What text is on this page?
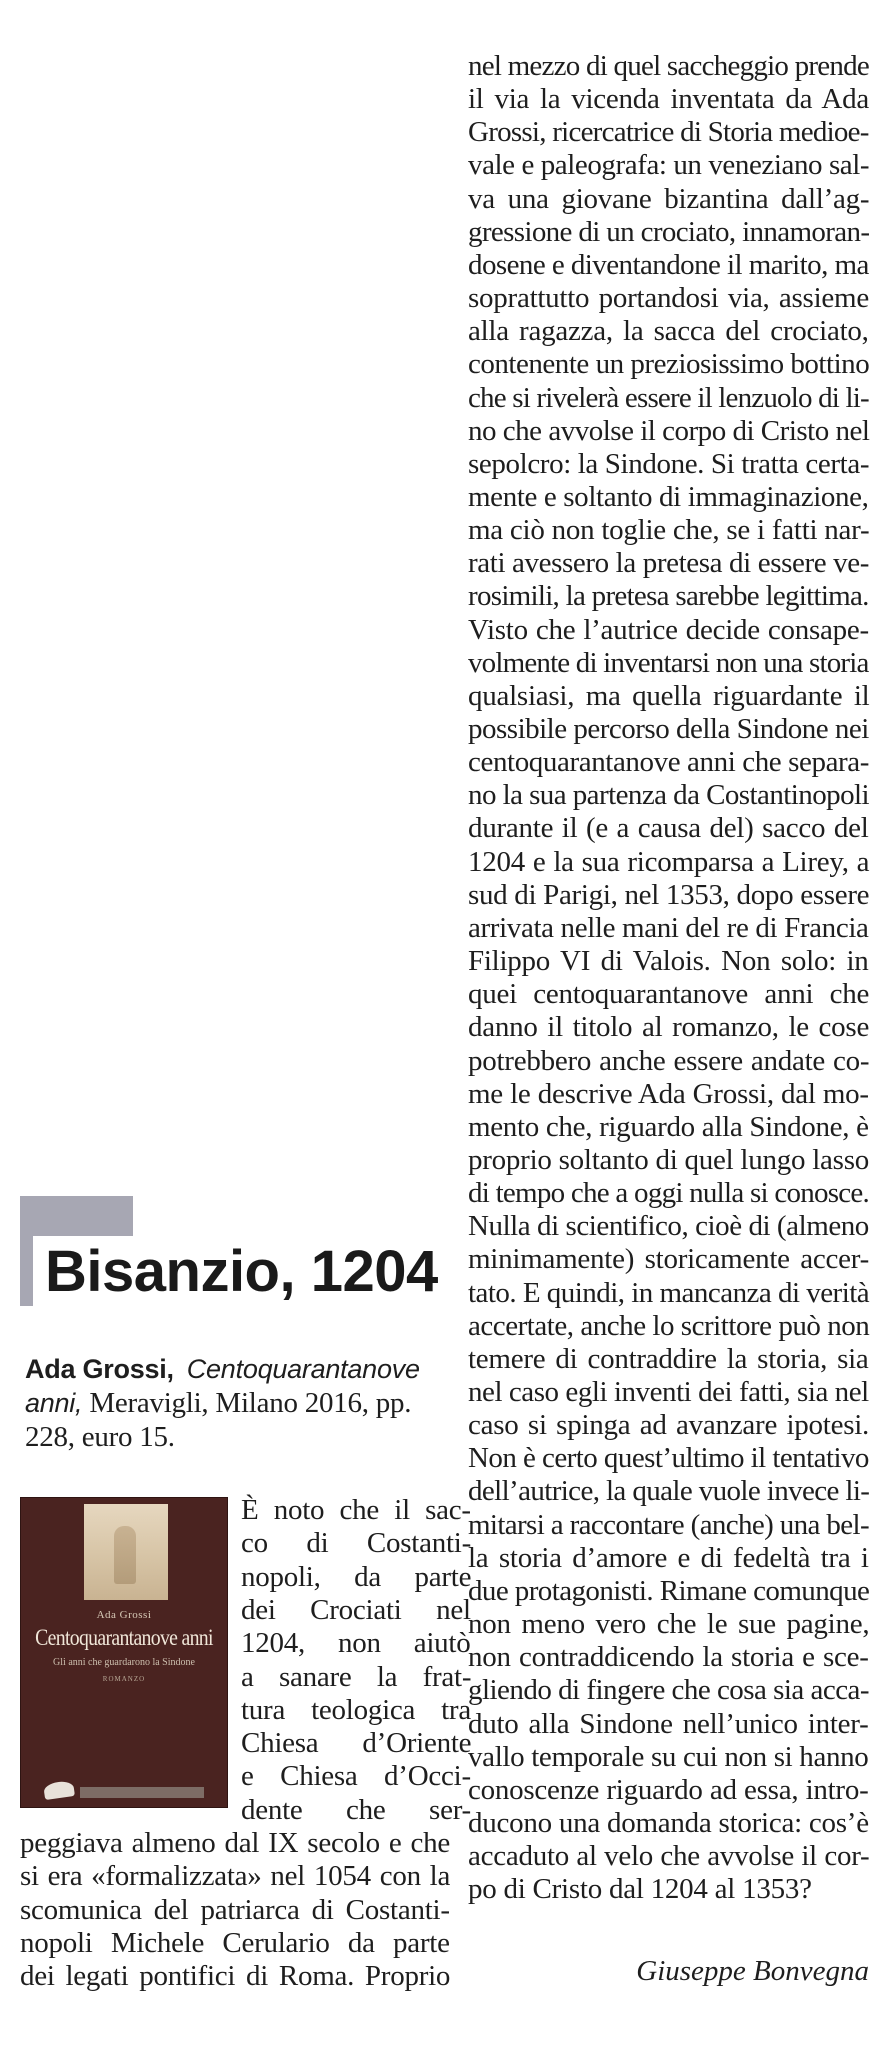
nel mezzo di quel saccheggio prende
il via la vicenda inventata da Ada
Grossi, ricercatrice di Storia medioe-
vale e paleografa: un veneziano sal-
va una giovane bizantina dall’ag-
gressione di un crociato, innamoran-
dosene e diventandone il marito, ma
soprattutto portandosi via, assieme
alla ragazza, la sacca del crociato,
contenente un preziosissimo bottino
che si rivelerà essere il lenzuolo di li-
no che avvolse il corpo di Cristo nel
sepolcro: la Sindone. Si tratta certa-
mente e soltanto di immaginazione,
ma ciò non toglie che, se i fatti nar-
rati avessero la pretesa di essere ve-
rosimili, la pretesa sarebbe legittima.
Visto che l’autrice decide consape-
volmente di inventarsi non una storia
qualsiasi, ma quella riguardante il
possibile percorso della Sindone nei
centoquarantanove anni che separa-
no la sua partenza da Costantinopoli
durante il (e a causa del) sacco del
1204 e la sua ricomparsa a Lirey, a
sud di Parigi, nel 1353, dopo essere
arrivata nelle mani del re di Francia
Filippo VI di Valois. Non solo: in
quei centoquarantanove anni che
danno il titolo al romanzo, le cose
potrebbero anche essere andate co-
me le descrive Ada Grossi, dal mo-
mento che, riguardo alla Sindone, è
proprio soltanto di quel lungo lasso
di tempo che a oggi nulla si conosce.
Nulla di scientifico, cioè di (almeno
minimamente) storicamente accer-
tato. E quindi, in mancanza di verità
accertate, anche lo scrittore può non
temere di contraddire la storia, sia
nel caso egli inventi dei fatti, sia nel
caso si spinga ad avanzare ipotesi.
Non è certo quest’ultimo il tentativo
dell’autrice, la quale vuole invece li-
mitarsi a raccontare (anche) una bel-
la storia d’amore e di fedeltà tra i
due protagonisti. Rimane comunque
non meno vero che le sue pagine,
non contraddicendo la storia e sce-
gliendo di fingere che cosa sia acca-
duto alla Sindone nell’unico inter-
vallo temporale su cui non si hanno
conoscenze riguardo ad essa, intro-
ducono una domanda storica: cos’è
accaduto al velo che avvolse il cor-
po di Cristo dal 1204 al 1353?
Bisanzio, 1204
Ada Grossi, Centoquarantanove
anni, Meravigli, Milano 2016, pp.
228, euro 15.
Ada Grossi
Centoquarantanove anni
Gli anni che guardarono la Sindone
ROMANZO
È noto che il sac-
co di Costanti-
nopoli, da parte
dei Crociati nel
1204, non aiutò
a sanare la frat-
tura teologica tra
Chiesa d’Oriente
e Chiesa d’Occi-
dente che ser-
peggiava almeno dal IX secolo e che
si era «formalizzata» nel 1054 con la
scomunica del patriarca di Costanti-
nopoli Michele Cerulario da parte
dei legati pontifici di Roma. Proprio	Giuseppe Bonvegna
